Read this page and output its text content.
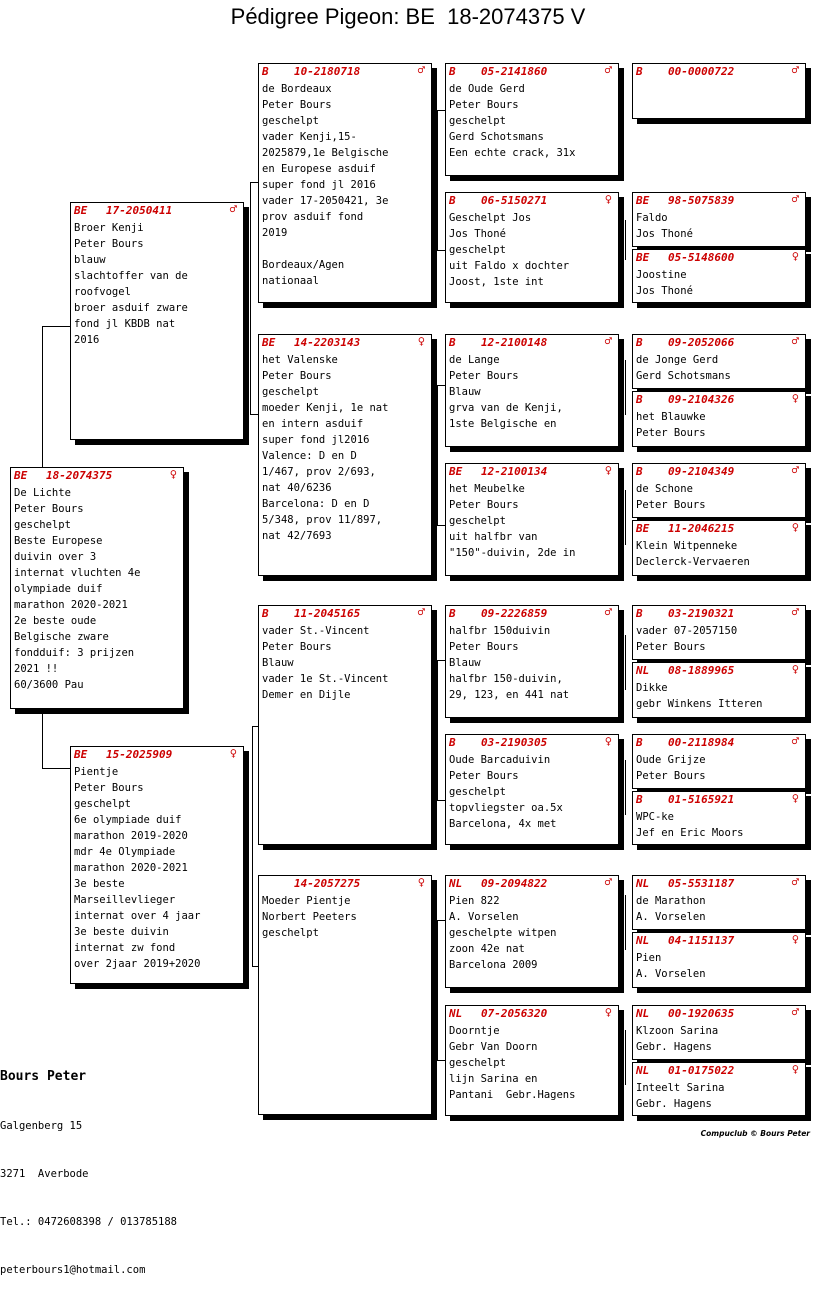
Pédigree Pigeon: BE  18-2074375 V
BE 18-2074375	♀
De Lichte
Peter Bours
geschelpt
Beste Europese
duivin over 3
internat vluchten 4e
olympiade duif
marathon 2020-2021
2e beste oude
Belgische zware
fondduif: 3 prijzen
2021 !!
60/3600 Pau
BE 17-2050411	♂
Broer Kenji
Peter Bours
blauw
slachtoffer van de
roofvogel
broer asduif zware
fond jl KBDB nat
2016
BE 15-2025909	♀
Pientje
Peter Bours
geschelpt
6e olympiade duif
marathon 2019-2020
mdr 4e Olympiade
marathon 2020-2021
3e beste
Marseillevlieger
internat over 4 jaar
3e beste duivin
internat zw fond
over 2jaar 2019+2020
B 10-2180718	♂
de Bordeaux
Peter Bours
geschelpt
vader Kenji,15-
2025879,1e Belgische
en Europese asduif
super fond jl 2016
vader 17-2050421, 3e
prov asduif fond
2019

Bordeaux/Agen
nationaal
BE 14-2203143	♀
het Valenske
Peter Bours
geschelpt
moeder Kenji, 1e nat
en intern asduif
super fond jl2016
Valence: D en D
1/467, prov 2/693,
nat 40/6236
Barcelona: D en D
5/348, prov 11/897,
nat 42/7693
B 11-2045165	♂
vader St.-Vincent
Peter Bours
Blauw
vader 1e St.-Vincent
Demer en Dijle
14-2057275	♀
Moeder Pientje
Norbert Peeters
geschelpt
B 05-2141860	♂
de Oude Gerd
Peter Bours
geschelpt
Gerd Schotsmans
Een echte crack, 31x
B 06-5150271	♀
Geschelpt Jos
Jos Thoné
geschelpt
uit Faldo x dochter
Joost, 1ste int
B 12-2100148	♂
de Lange
Peter Bours
Blauw
grva van de Kenji,
1ste Belgische en
BE 12-2100134	♀
het Meubelke
Peter Bours
geschelpt
uit halfbr van
"150"-duivin, 2de in
B 09-2226859	♂
halfbr 150duivin
Peter Bours
Blauw
halfbr 150-duivin,
29, 123, en 441 nat
B 03-2190305	♀
Oude Barcaduivin
Peter Bours
geschelpt
topvliegster oa.5x
Barcelona, 4x met
NL 09-2094822	♂
Pien 822
A. Vorselen
geschelpte witpen
zoon 42e nat
Barcelona 2009
NL 07-2056320	♀
Doorntje
Gebr Van Doorn
geschelpt
lijn Sarina en
Pantani  Gebr.Hagens
B 00-0000722	♂
BE 98-5075839	♂
Faldo
Jos Thoné
BE 05-5148600	♀
Joostine
Jos Thoné
B 09-2052066	♂
de Jonge Gerd
Gerd Schotsmans
B 09-2104326	♀
het Blauwke
Peter Bours
B 09-2104349	♂
de Schone
Peter Bours
BE 11-2046215	♀
Klein Witpenneke
Declerck-Vervaeren
B 03-2190321	♂
vader 07-2057150
Peter Bours
NL 08-1889965	♀
Dikke
gebr Winkens Itteren
B 00-2118984	♂
Oude Grijze
Peter Bours
B 01-5165921	♀
WPC-ke
Jef en Eric Moors
NL 05-5531187	♂
de Marathon
A. Vorselen
NL 04-1151137	♀
Pien
A. Vorselen
NL 00-1920635	♂
Klzoon Sarina
Gebr. Hagens
NL 01-0175022	♀
Inteelt Sarina
Gebr. Hagens

Bours Peter

Galgenberg 15

3271  Averbode

Tel.: 0472608398 / 013785188

peterbours1@hotmail.com

Compuclub © Bours Peter
